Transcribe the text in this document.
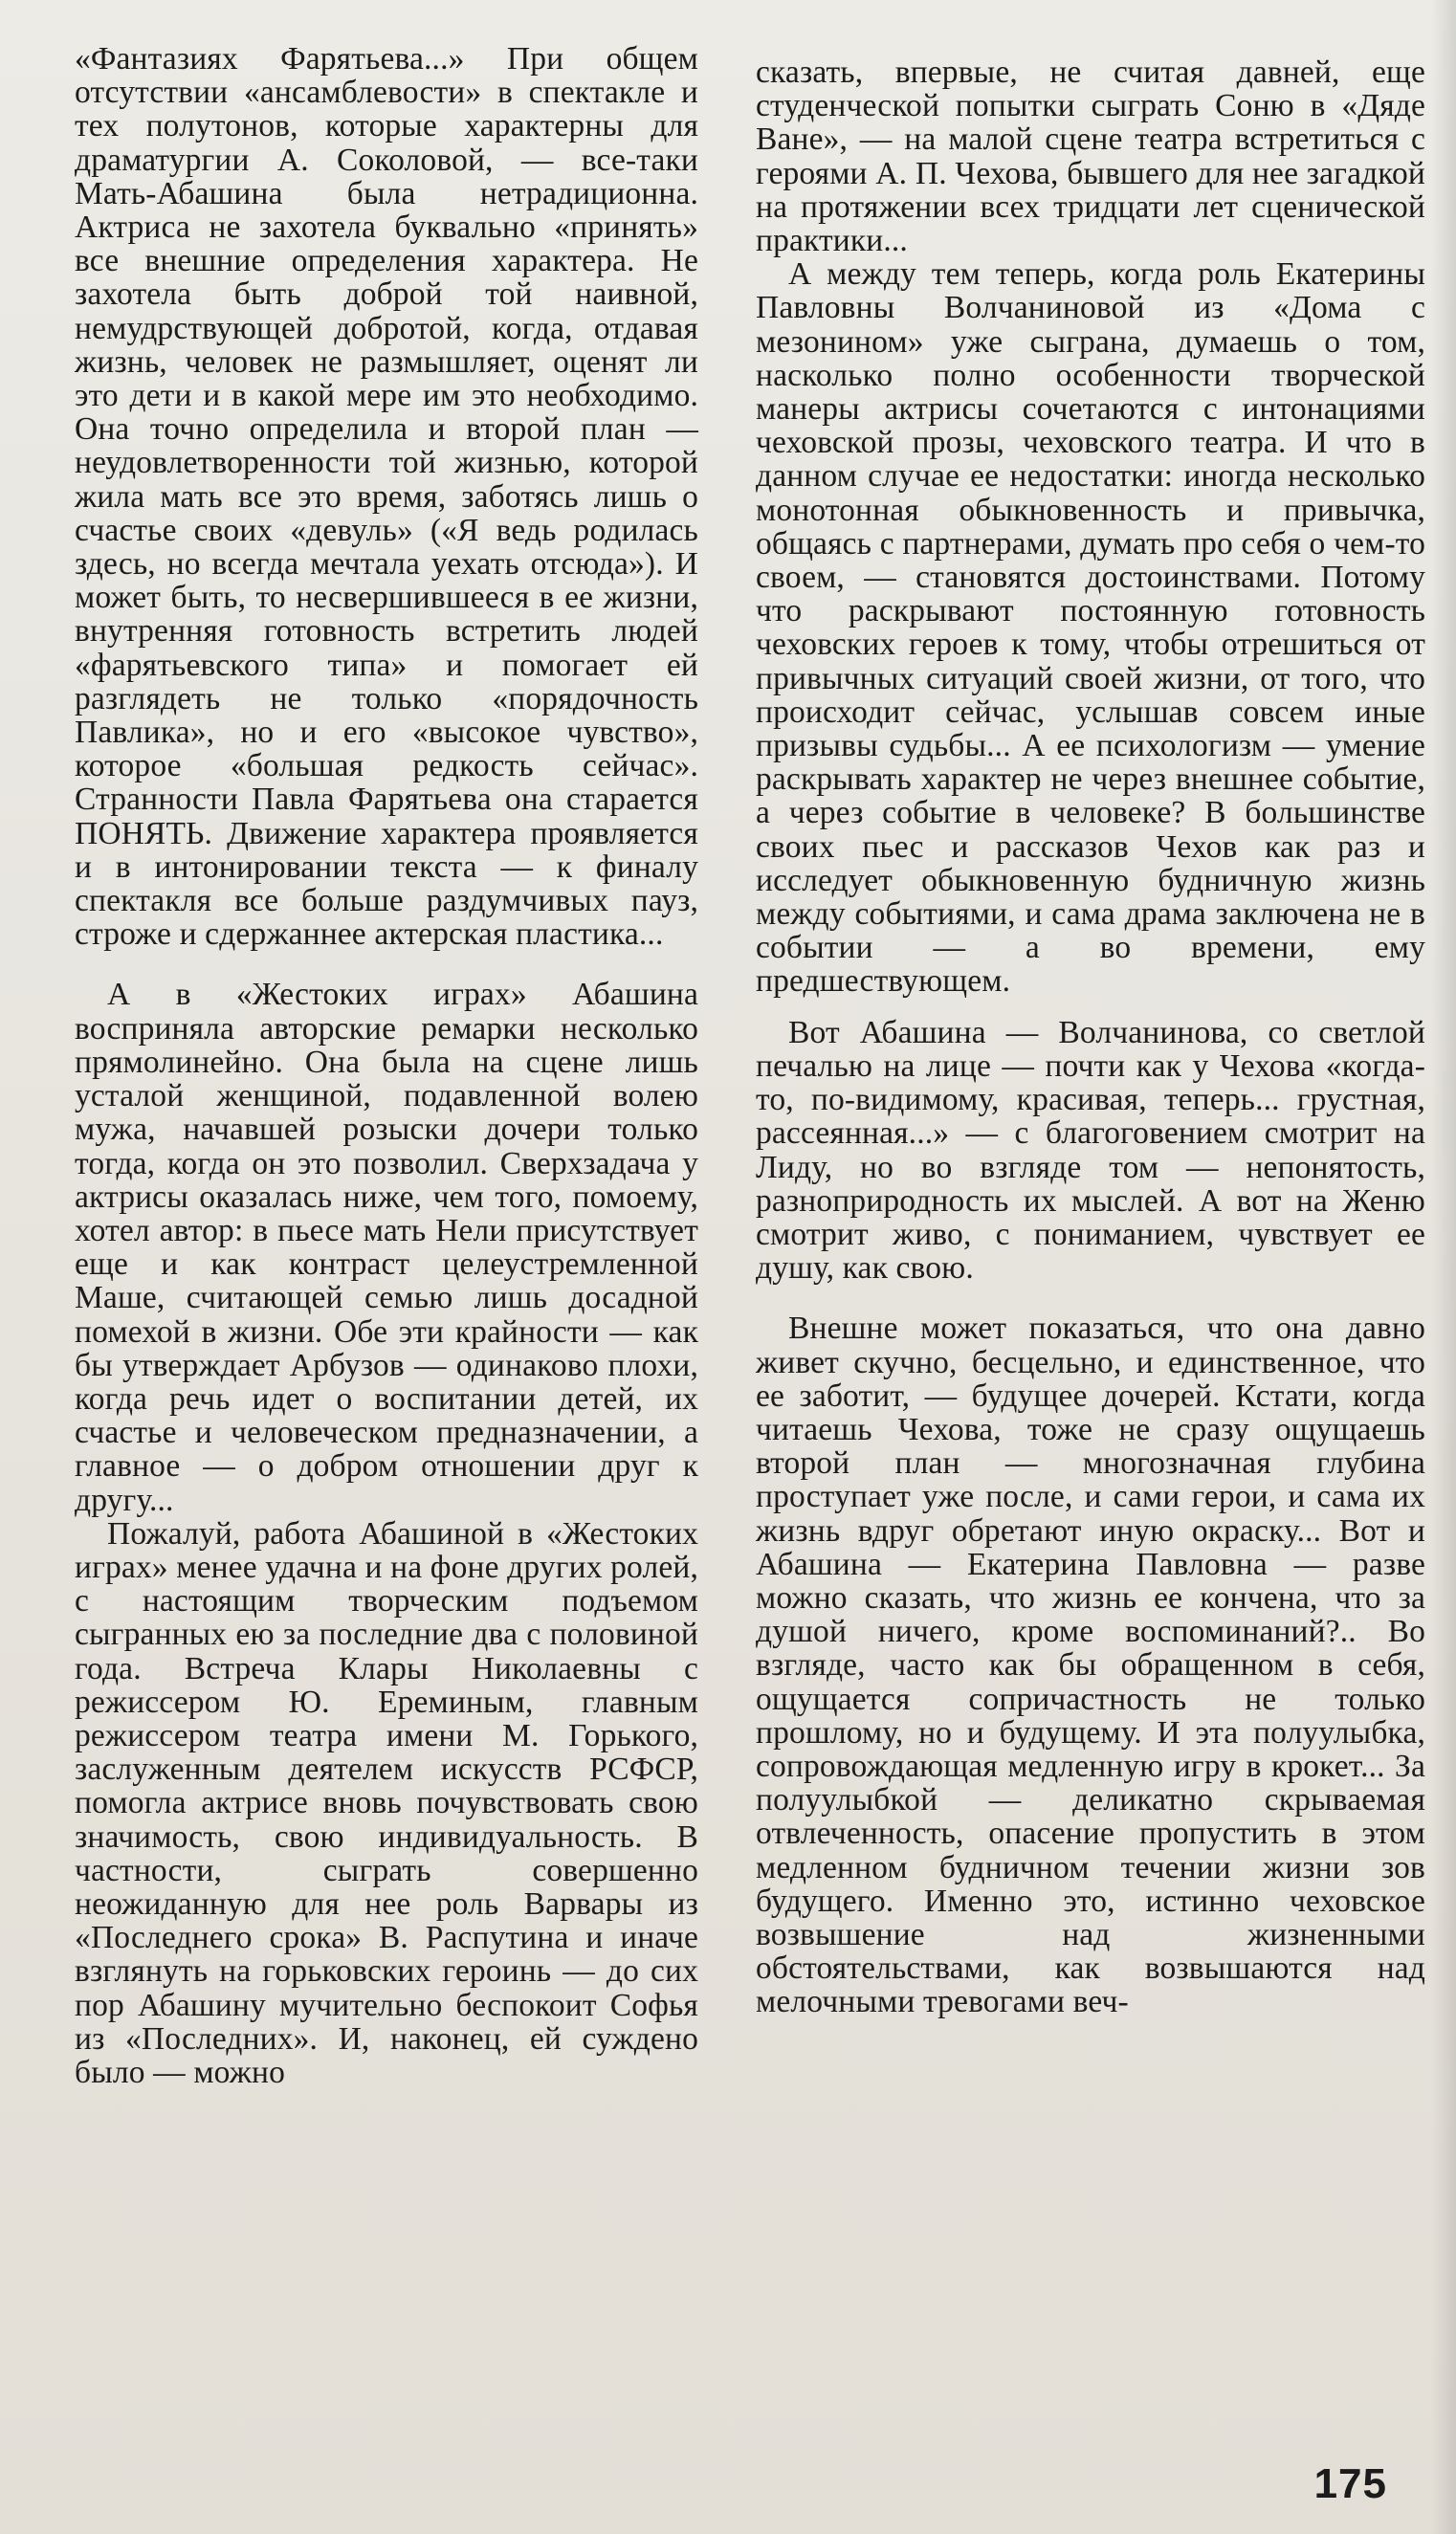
«Фантазиях Фарятьева...» При общем отсутствии «ансамблевости» в спектакле и тех полутонов, которые характерны для драматургии А. Соколовой, — все-таки Мать-Абашина была нетрадиционна. Актриса не захотела буквально «принять» все внешние определения характера. Не захотела быть доброй той наивной, немудрствующей добротой, когда, отдавая жизнь, человек не размышляет, оценят ли это дети и в какой мере им это необходимо. Она точно определила и второй план — неудовлетворенности той жизнью, которой жила мать все это время, заботясь лишь о счастье своих «девуль» («Я ведь родилась здесь, но всегда мечтала уехать отсюда»). И может быть, то несвершившееся в ее жизни, внутренняя готовность встретить людей «фарятьевского типа» и помогает ей разглядеть не только «порядочность Павлика», но и его «высокое чувство», которое «большая редкость сейчас». Странности Павла Фарятьева она старается ПОНЯТЬ. Движение характера проявляется и в интонировании текста — к финалу спектакля все больше раздумчивых пауз, строже и сдержаннее актерская пластика...

А в «Жестоких играх» Абашина восприняла авторские ремарки несколько прямолинейно. Она была на сцене лишь усталой женщиной, подавленной волею мужа, начавшей розыски дочери только тогда, когда он это позволил. Сверхзадача у актрисы оказалась ниже, чем того, помоему, хотел автор: в пьесе мать Нели присутствует еще и как контраст целеустремленной Маше, считающей семью лишь досадной помехой в жизни. Обе эти крайности — как бы утверждает Арбузов — одинаково плохи, когда речь идет о воспитании детей, их счастье и человеческом предназначении, а главное — о добром отношении друг к другу...

Пожалуй, работа Абашиной в «Жестоких играх» менее удачна и на фоне других ролей, с настоящим творческим подъемом сыгранных ею за последние два с половиной года. Встреча Клары Николаевны с режиссером Ю. Ереминым, главным режиссером театра имени М. Горького, заслуженным деятелем искусств РСФСР, помогла актрисе вновь почувствовать свою значимость, свою индивидуальность. В частности, сыграть совершенно неожиданную для нее роль Варвары из «Последнего срока» В. Распутина и иначе взглянуть на горьковских героинь — до сих пор Абашину мучительно беспокоит Софья из «Последних». И, наконец, ей суждено было — можно

сказать, впервые, не считая давней, еще студенческой попытки сыграть Соню в «Дяде Ване», — на малой сцене театра встретиться с героями А. П. Чехова, бывшего для нее загадкой на протяжении всех тридцати лет сценической практики...

А между тем теперь, когда роль Екатерины Павловны Волчаниновой из «Дома с мезонином» уже сыграна, думаешь о том, насколько полно особенности творческой манеры актрисы сочетаются с интонациями чеховской прозы, чеховского театра. И что в данном случае ее недостатки: иногда несколько монотонная обыкновенность и привычка, общаясь с партнерами, думать про себя о чем-то своем, — становятся достоинствами. Потому что раскрывают постоянную готовность чеховских героев к тому, чтобы отрешиться от привычных ситуаций своей жизни, от того, что происходит сейчас, услышав совсем иные призывы судьбы... А ее психологизм — умение раскрывать характер не через внешнее событие, а через событие в человеке? В большинстве своих пьес и рассказов Чехов как раз и исследует обыкновенную будничную жизнь между событиями, и сама драма заключена не в событии — а во времени, ему предшествующем.

Вот Абашина — Волчанинова, со светлой печалью на лице — почти как у Чехова «когда-то, по-видимому, красивая, теперь... грустная, рассеянная...» — с благоговением смотрит на Лиду, но во взгляде том — непонятость, разноприродность их мыслей. А вот на Женю смотрит живо, с пониманием, чувствует ее душу, как свою.

Внешне может показаться, что она давно живет скучно, бесцельно, и единственное, что ее заботит, — будущее дочерей. Кстати, когда читаешь Чехова, тоже не сразу ощущаешь второй план — многозначная глубина проступает уже после, и сами герои, и сама их жизнь вдруг обретают иную окраску... Вот и Абашина — Екатерина Павловна — разве можно сказать, что жизнь ее кончена, что за душой ничего, кроме воспоминаний?.. Во взгляде, часто как бы обращенном в себя, ощущается сопричастность не только прошлому, но и будущему. И эта полуулыбка, сопровождающая медленную игру в крокет... За полуулыбкой — деликатно скрываемая отвлеченность, опасение пропустить в этом медленном будничном течении жизни зов будущего. Именно это, истинно чеховское возвышение над жизненными обстоятельствами, как возвышаются над мелочными тревогами веч-

175
